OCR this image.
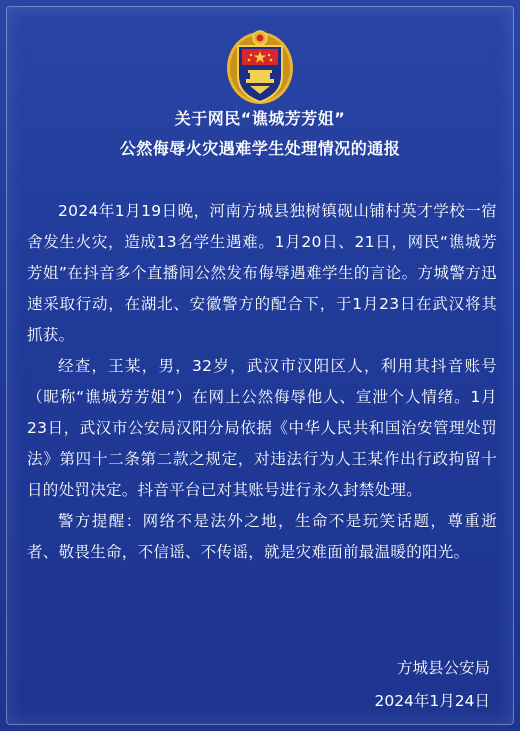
关于网民“谯城芳芳姐”
公然侮辱火灾遇难学生处理情况的通报

2024年1月19日晚，河南方城县独树镇砚山铺村英才学校一宿舍发生火灾，造成13名学生遇难。1月20日、21日，网民“谯城芳芳姐”在抖音多个直播间公然发布侮辱遇难学生的言论。方城警方迅速采取行动，在湖北、安徽警方的配合下，于1月23日在武汉将其抓获。

经查，王某，男，32岁，武汉市汉阳区人，利用其抖音账号（昵称“谯城芳芳姐”）在网上公然侮辱他人、宣泄个人情绪。1月23日，武汉市公安局汉阳分局依据《中华人民共和国治安管理处罚法》第四十二条第二款之规定，对违法行为人王某作出行政拘留十日的处罚决定。抖音平台已对其账号进行永久封禁处理。

警方提醒：网络不是法外之地，生命不是玩笑话题，尊重逝者、敬畏生命，不信谣、不传谣，就是灾难面前最温暖的阳光。

方城县公安局
2024年1月24日
